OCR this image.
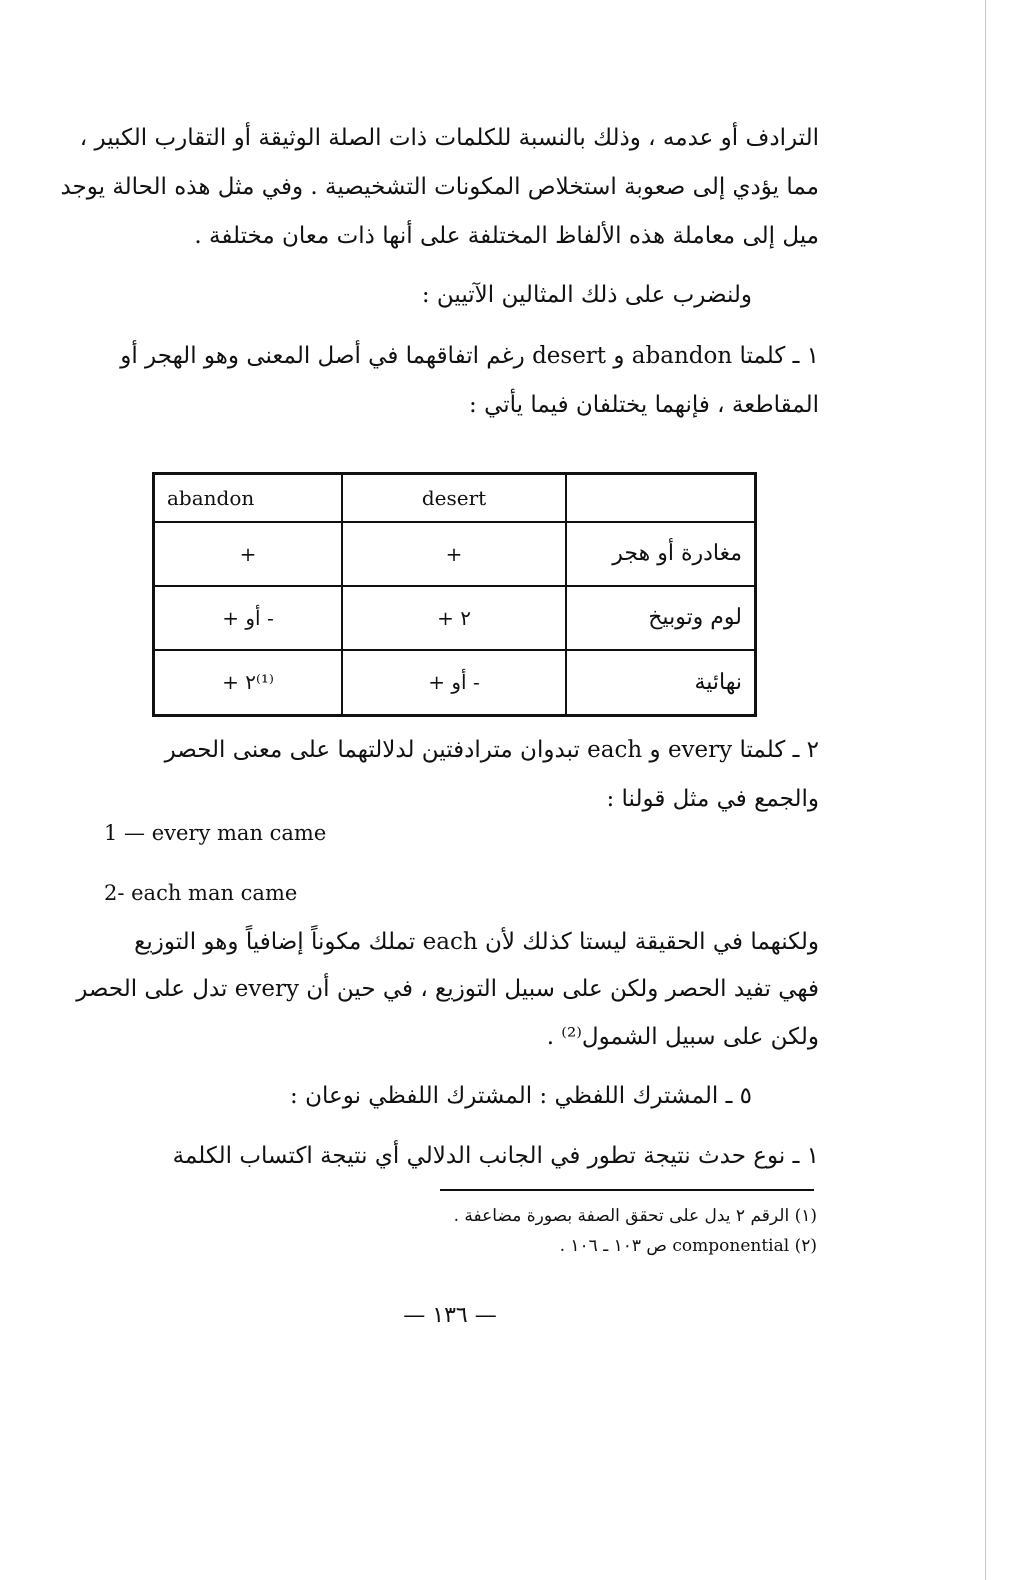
الترادف أو عدمه ، وذلك بالنسبة للكلمات ذات الصلة الوثيقة أو التقارب الكبير ،
مما يؤدي إلى صعوبة استخلاص المكونات التشخيصية . وفي مثل هذه الحالة يوجد
ميل إلى معاملة هذه الألفاظ المختلفة على أنها ذات معان مختلفة .
ولنضرب على ذلك المثالين الآتيين :
١ ـ كلمتا abandon و desert رغم اتفاقهما في أصل المعنى وهو الهجر أو
المقاطعة ، فإنهما يختلفان فيما يأتي :
abandon	desert	
+	+	مغادرة أو هجر
+ أو -	+ ٢	لوم وتوبيخ
+ ٢⁽¹⁾	+ أو -	نهائية
٢ ـ كلمتا every و each تبدوان مترادفتين لدلالتهما على معنى الحصر
والجمع في مثل قولنا :
1 — every man came
2- each man came
ولكنهما في الحقيقة ليستا كذلك لأن each تملك مكوناً إضافياً وهو التوزيع
فهي تفيد الحصر ولكن على سبيل التوزيع ، في حين أن every تدل على الحصر
ولكن على سبيل الشمول⁽²⁾ .
٥ ـ المشترك اللفظي : المشترك اللفظي نوعان :
١ ـ نوع حدث نتيجة تطور في الجانب الدلالي أي نتيجة اكتساب الكلمة
(١) الرقم ٢ يدل على تحقق الصفة بصورة مضاعفة .
(٢) componential ص ١٠٣ ـ ١٠٦ .
— ١٣٦ —
